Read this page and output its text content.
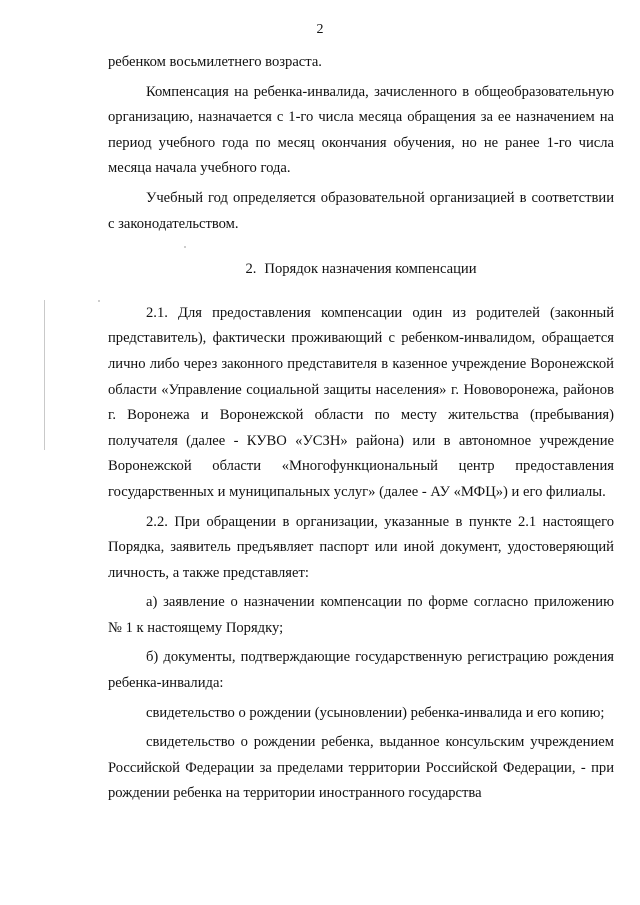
2

ребенком восьмилетнего возраста.

Компенсация на ребенка-инвалида, зачисленного в общеобразовательную организацию, назначается с 1-го числа месяца обращения за ее назначением на период учебного года по месяц окончания обучения, но не ранее 1-го числа месяца начала учебного года.

Учебный год определяется образовательной организацией в соответствии с законодательством.

2. Порядок назначения компенсации

2.1. Для предоставления компенсации один из родителей (законный представитель), фактически проживающий с ребенком-инвалидом, обращается лично либо через законного представителя в казенное учреждение Воронежской области «Управление социальной защиты населения» г. Нововоронежа, районов г. Воронежа и Воронежской области по месту жительства (пребывания) получателя (далее - КУВО «УСЗН» района) или в автономное учреждение Воронежской области «Многофункциональный центр предоставления государственных и муниципальных услуг» (далее - АУ «МФЦ») и его филиалы.

2.2. При обращении в организации, указанные в пункте 2.1 настоящего Порядка, заявитель предъявляет паспорт или иной документ, удостоверяющий личность, а также представляет:

а) заявление о назначении компенсации по форме согласно приложению № 1 к настоящему Порядку;

б) документы, подтверждающие государственную регистрацию рождения ребенка-инвалида:

свидетельство о рождении (усыновлении) ребенка-инвалида и его копию;

свидетельство о рождении ребенка, выданное консульским учреждением Российской Федерации за пределами территории Российской Федерации, - при рождении ребенка на территории иностранного государства
